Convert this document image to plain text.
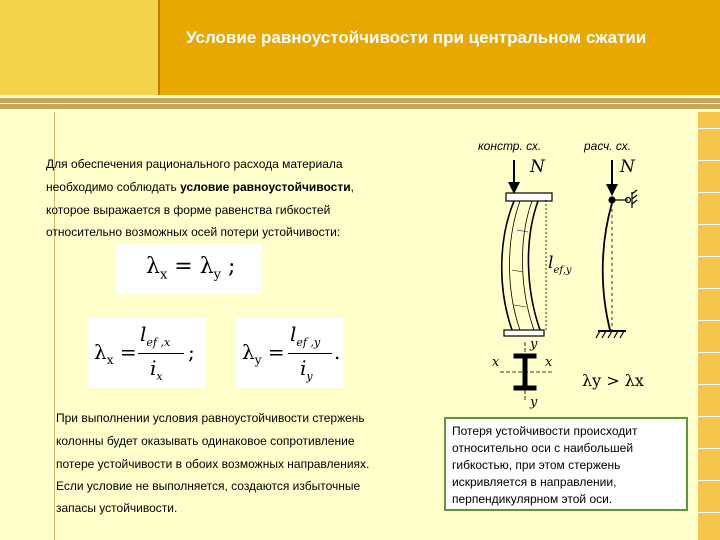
Условие равноустойчивости при центральном сжатии
Для обеспечения рационального расхода материала
необходимо соблюдать условие равноустойчивости,
которое выражается в форме равенства гибкостей
относительно возможных осей потери устойчивости:
$\lambda_x = \lambda_y$ ;
$\lambda_x$ =
$l_{ef ,x}$
$i_x$
; $\lambda_y$ =
$l_{ef ,y}$
$i_y$
.
При выполнении условия равноустойчивости стержень
колонны будет оказывать одинаковое сопротивление
потере устойчивости в обоих возможных направлениях.
Если условие не выполняется, создаются избыточные
запасы устойчивости.
Потеря устойчивости происходит
относительно оси с наибольшей
гибкостью, при этом стержень
искривляется в направлении,
перпендикулярном этой оси.
констр. сх.	расч. сх.
N	N
$l_{ef,y}$
y
x	x
y
λy > λx
